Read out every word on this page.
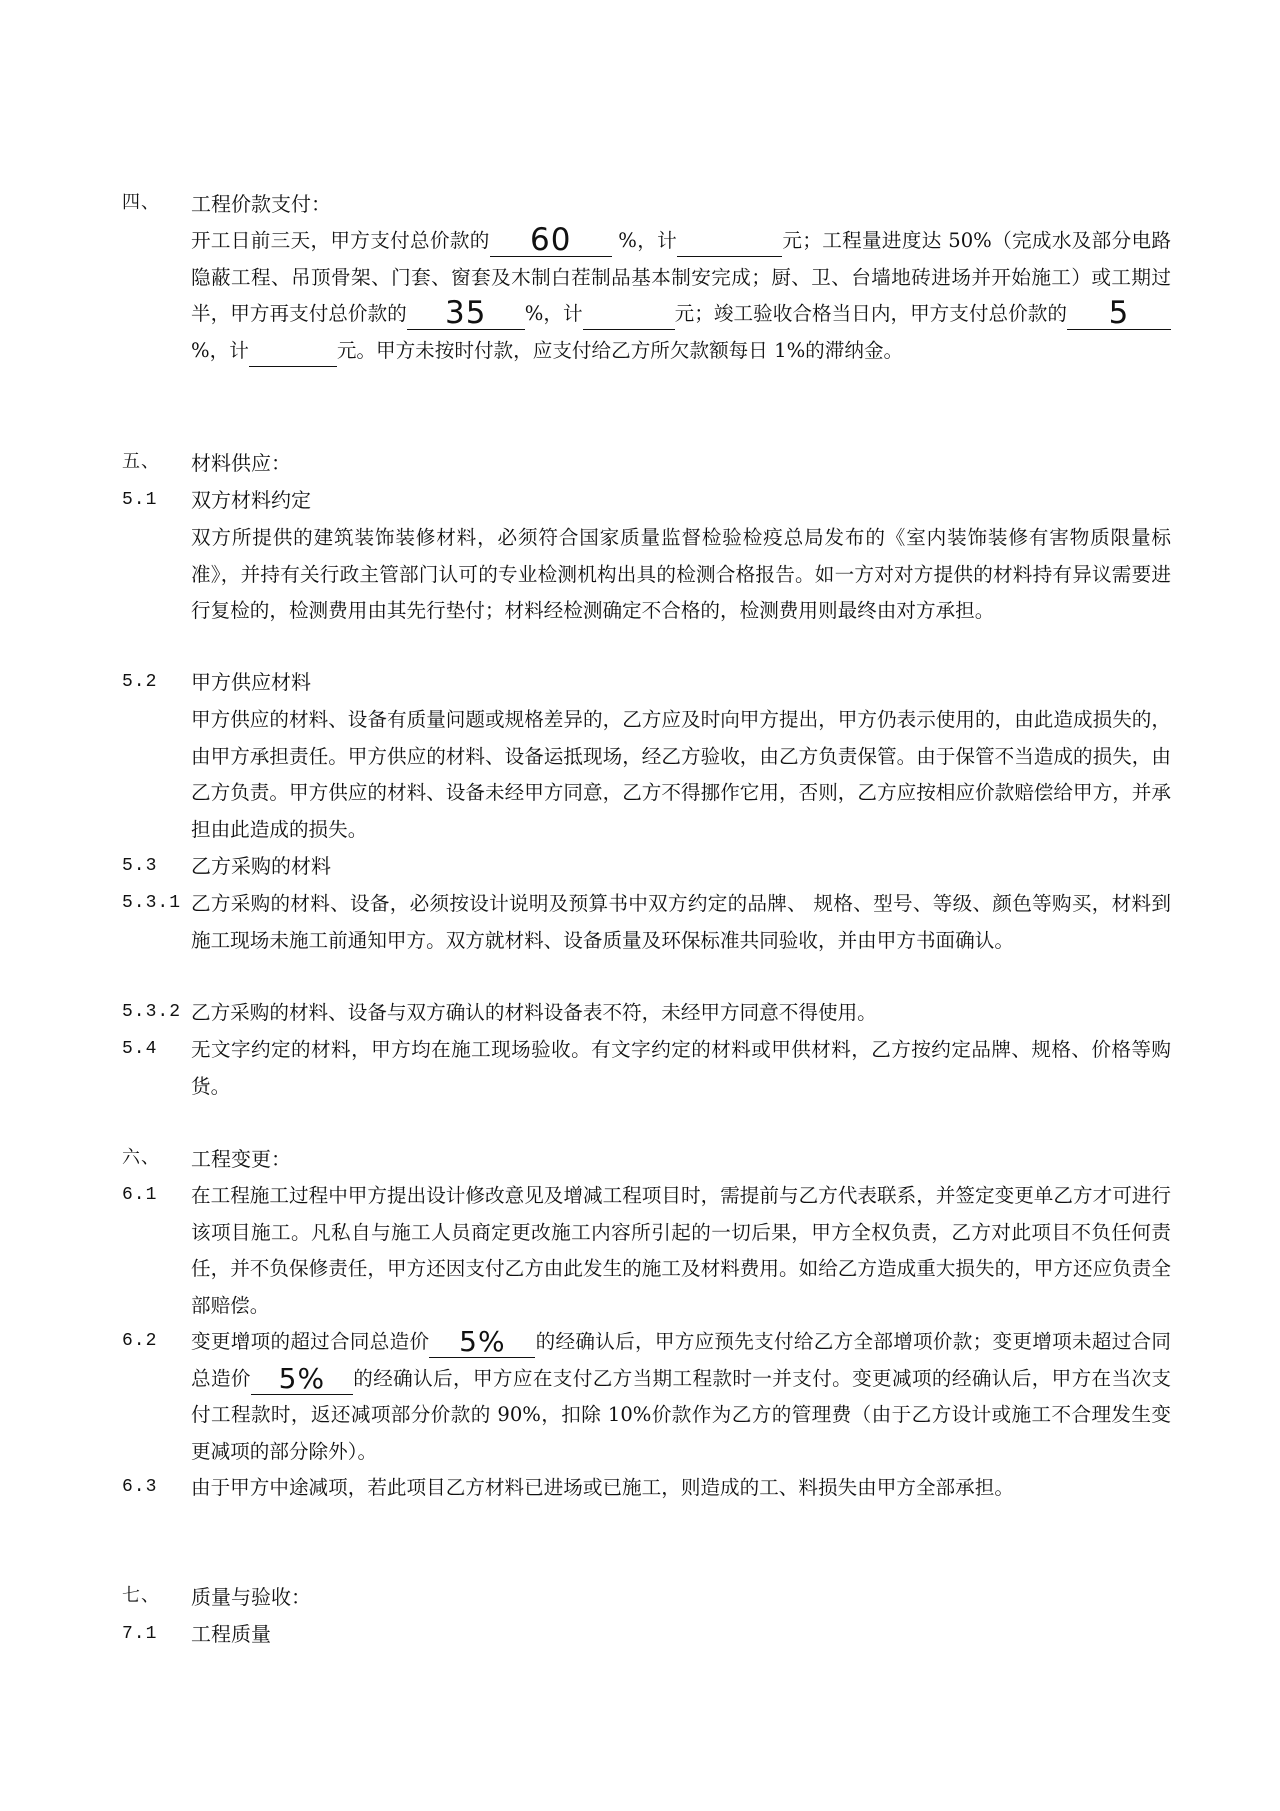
四、 工程价款支付：
开工日前三天，甲方支付总价款的 60 %，计	元；工程量进度达 50%（完成水及部分电路隐蔽工程、吊顶骨架、门套、窗套及木制白茬制品基本制安完成；厨、卫、台墙地砖进场并开始施工）或工期过半，甲方再支付总价款的 35 %，计	元；竣工验收合格当日内，甲方支付总价款的 5%，计	元。甲方未按时付款，应支付给乙方所欠款额每日 1%的滞纳金。
五、 材料供应：
5.1 双方材料约定
双方所提供的建筑装饰装修材料，必须符合国家质量监督检验检疫总局发布的《室内装饰装修有害物质限量标准》，并持有关行政主管部门认可的专业检测机构出具的检测合格报告。如一方对对方提供的材料持有异议需要进行复检的，检测费用由其先行垫付；材料经检测确定不合格的，检测费用则最终由对方承担。
5.2 甲方供应材料
甲方供应的材料、设备有质量问题或规格差异的，乙方应及时向甲方提出，甲方仍表示使用的，由此造成损失的，由甲方承担责任。甲方供应的材料、设备运抵现场，经乙方验收，由乙方负责保管。由于保管不当造成的损失，由乙方负责。甲方供应的材料、设备未经甲方同意，乙方不得挪作它用，否则，乙方应按相应价款赔偿给甲方，并承担由此造成的损失。
5.3 乙方采购的材料
5.3.1 乙方采购的材料、设备，必须按设计说明及预算书中双方约定的品牌、 规格、型号、等级、颜色等购买，材料到施工现场未施工前通知甲方。双方就材料、设备质量及环保标准共同验收，并由甲方书面确认。
5.3.2 乙方采购的材料、设备与双方确认的材料设备表不符，未经甲方同意不得使用。
5.4 无文字约定的材料，甲方均在施工现场验收。有文字约定的材料或甲供材料，乙方按约定品牌、规格、价格等购货。
六、 工程变更：
6.1 在工程施工过程中甲方提出设计修改意见及增减工程项目时，需提前与乙方代表联系，并签定变更单乙方才可进行该项目施工。凡私自与施工人员商定更改施工内容所引起的一切后果，甲方全权负责，乙方对此项目不负任何责任，并不负保修责任，甲方还因支付乙方由此发生的施工及材料费用。如给乙方造成重大损失的，甲方还应负责全部赔偿。
6.2 变更增项的超过合同总造价 5% 的经确认后，甲方应预先支付给乙方全部增项价款；变更增项未超过合同总造价 5% 的经确认后，甲方应在支付乙方当期工程款时一并支付。变更减项的经确认后，甲方在当次支付工程款时，返还减项部分价款的 90%，扣除 10%价款作为乙方的管理费（由于乙方设计或施工不合理发生变更减项的部分除外）。
6.3 由于甲方中途减项，若此项目乙方材料已进场或已施工，则造成的工、料损失由甲方全部承担。
七、 质量与验收：
7.1 工程质量
